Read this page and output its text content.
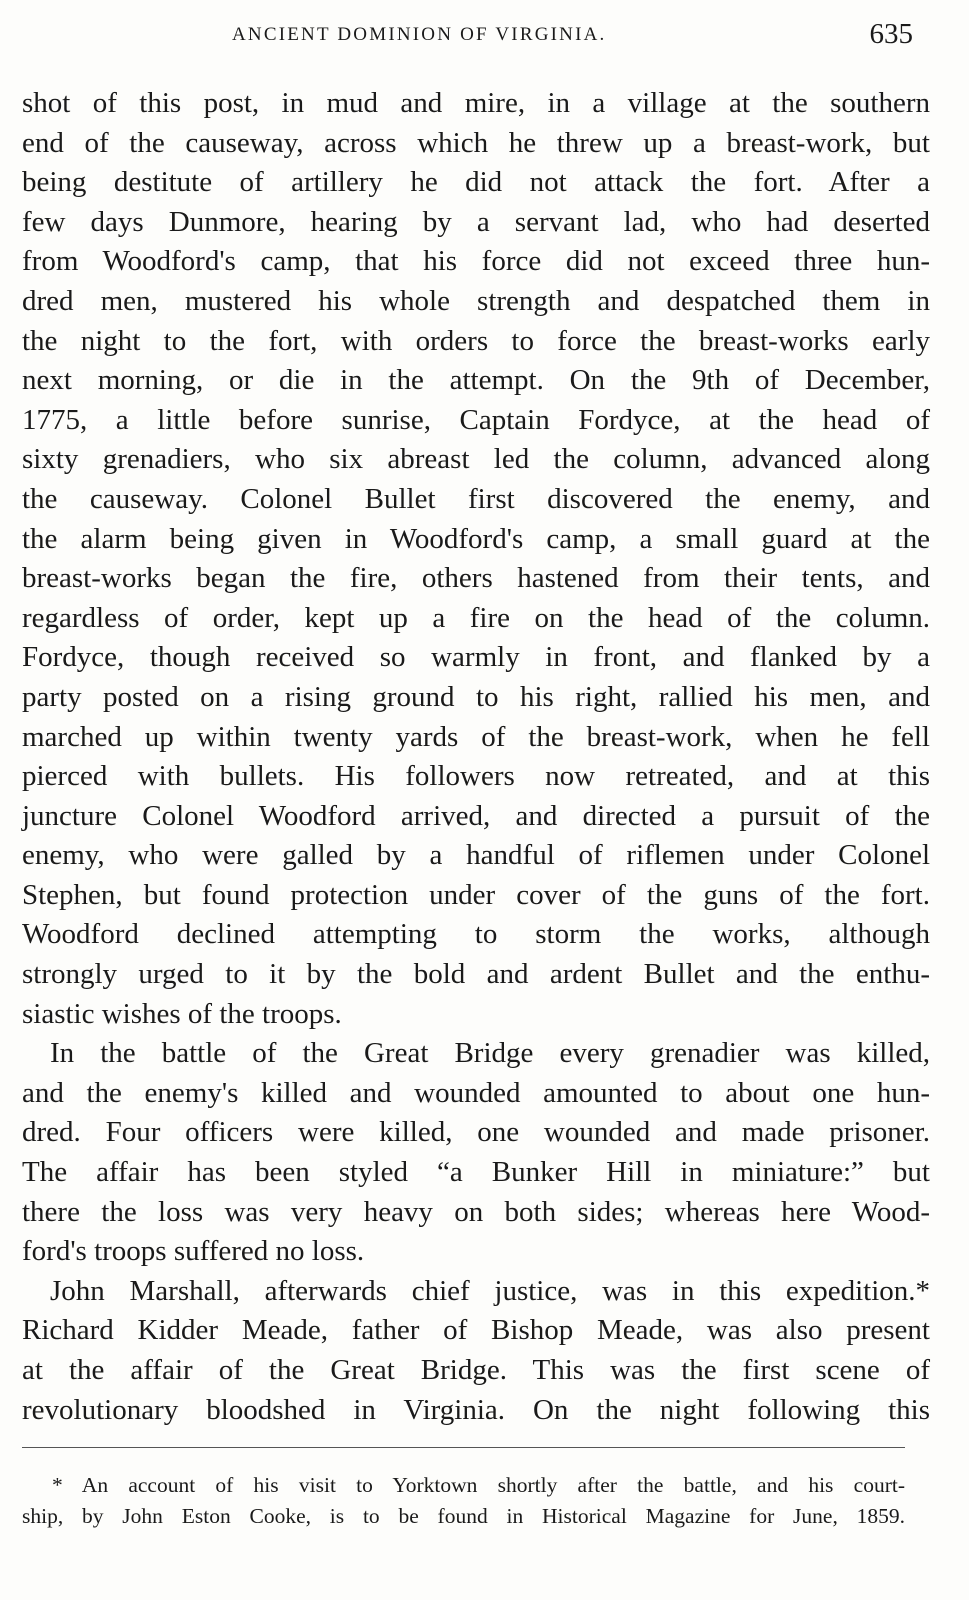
ANCIENT DOMINION OF VIRGINIA.	635
shot of this post, in mud and mire, in a village at the southern
end of the causeway, across which he threw up a breast-work, but
being destitute of artillery he did not attack the fort. After a
few days Dunmore, hearing by a servant lad, who had deserted
from Woodford's camp, that his force did not exceed three hun-
dred men, mustered his whole strength and despatched them in
the night to the fort, with orders to force the breast-works early
next morning, or die in the attempt. On the 9th of December,
1775, a little before sunrise, Captain Fordyce, at the head of
sixty grenadiers, who six abreast led the column, advanced along
the causeway. Colonel Bullet first discovered the enemy, and
the alarm being given in Woodford's camp, a small guard at the
breast-works began the fire, others hastened from their tents, and
regardless of order, kept up a fire on the head of the column.
Fordyce, though received so warmly in front, and flanked by a
party posted on a rising ground to his right, rallied his men, and
marched up within twenty yards of the breast-work, when he fell
pierced with bullets. His followers now retreated, and at this
juncture Colonel Woodford arrived, and directed a pursuit of the
enemy, who were galled by a handful of riflemen under Colonel
Stephen, but found protection under cover of the guns of the fort.
Woodford declined attempting to storm the works, although
strongly urged to it by the bold and ardent Bullet and the enthu-
siastic wishes of the troops.
In the battle of the Great Bridge every grenadier was killed,
and the enemy's killed and wounded amounted to about one hun-
dred. Four officers were killed, one wounded and made prisoner.
The affair has been styled “a Bunker Hill in miniature:” but
there the loss was very heavy on both sides; whereas here Wood-
ford's troops suffered no loss.
John Marshall, afterwards chief justice, was in this expedition.*
Richard Kidder Meade, father of Bishop Meade, was also present
at the affair of the Great Bridge. This was the first scene of
revolutionary bloodshed in Virginia. On the night following this
* An account of his visit to Yorktown shortly after the battle, and his court-
ship, by John Eston Cooke, is to be found in Historical Magazine for June, 1859.
